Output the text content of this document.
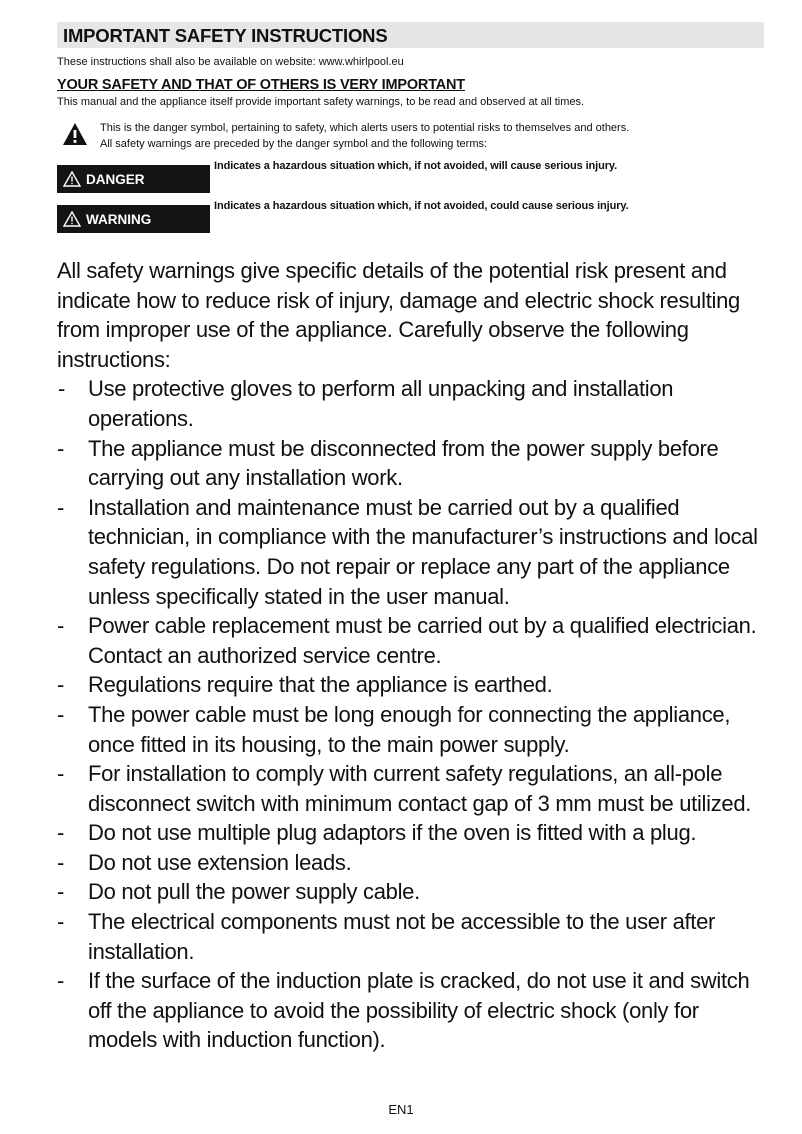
IMPORTANT SAFETY INSTRUCTIONS
These instructions shall also be available on website: www.whirlpool.eu
YOUR SAFETY AND THAT OF OTHERS IS VERY IMPORTANT
This manual and the appliance itself provide important safety warnings, to be read and observed at all times.
This is the danger symbol, pertaining to safety, which alerts users to potential risks to themselves and others.
All safety warnings are preceded by the danger symbol and the following terms:
DANGER
Indicates a hazardous situation which, if not avoided, will cause serious injury.
WARNING
Indicates a hazardous situation which, if not avoided, could cause serious injury.
All safety warnings give specific details of the potential risk present and indicate how to reduce risk of injury, damage and electric shock resulting from improper use of the appliance. Carefully observe the following instructions:
- Use protective gloves to perform all unpacking and installation operations.
- The appliance must be disconnected from the power supply before carrying out any installation work.
- Installation and maintenance must be carried out by a qualified technician, in compliance with the manufacturer’s instructions and local safety regulations. Do not repair or replace any part of the appliance unless specifically stated in the user manual.
- Power cable replacement must be carried out by a qualified electrician. Contact an authorized service centre.
- Regulations require that the appliance is earthed.
- The power cable must be long enough for connecting the appliance, once fitted in its housing, to the main power supply.
- For installation to comply with current safety regulations, an all-pole disconnect switch with minimum contact gap of 3 mm must be utilized.
- Do not use multiple plug adaptors if the oven is fitted with a plug.
- Do not use extension leads.
- Do not pull the power supply cable.
- The electrical components must not be accessible to the user after installation.
- If the surface of the induction plate is cracked, do not use it and switch off the appliance to avoid the possibility of electric shock (only for models with induction function).
EN1
